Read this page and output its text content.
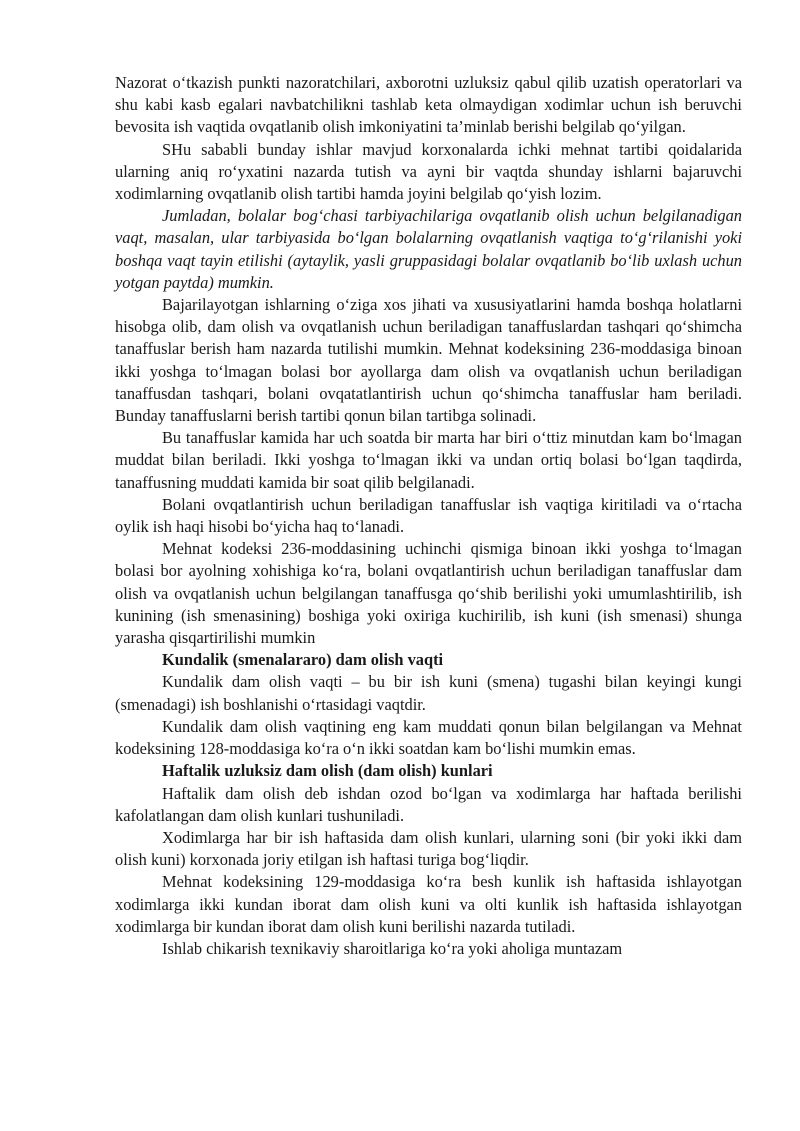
Nazorat o‘tkazish punkti nazoratchilari, axborotni uzluksiz qabul qilib uzatish operatorlari va shu kabi kasb egalari navbatchilikni tashlab keta olmaydigan xodimlar uchun ish beruvchi bevosita ish vaqtida ovqatlanib olish imkoniyatini ta’minlab berishi belgilab qo‘yilgan.

SHu sababli bunday ishlar mavjud korxonalarda ichki mehnat tartibi qoidalarida ularning aniq ro‘yxatini nazarda tutish va ayni bir vaqtda shunday ishlarni bajaruvchi xodimlarning ovqatlanib olish tartibi hamda joyini belgilab qo‘yish lozim.

Jumladan, bolalar bog‘chasi tarbiyachilariga ovqatlanib olish uchun belgilanadigan vaqt, masalan, ular tarbiyasida bo‘lgan bolalarning ovqatlanish vaqtiga to‘g‘rilanishi yoki boshqa vaqt tayin etilishi (aytaylik, yasli gruppasidagi bolalar ovqatlanib bo‘lib uxlash uchun yotgan paytda) mumkin.

Bajarilayotgan ishlarning o‘ziga xos jihati va xususiyatlarini hamda boshqa holatlarni hisobga olib, dam olish va ovqatlanish uchun beriladigan tanaffuslardan tashqari qo‘shimcha tanaffuslar berish ham nazarda tutilishi mumkin. Mehnat kodeksining 236-moddasiga binoan ikki yoshga to‘lmagan bolasi bor ayollarga dam olish va ovqatlanish uchun beriladigan tanaffusdan tashqari, bolani ovqatatlantirish uchun qo‘shimcha tanaffuslar ham beriladi. Bunday tanaffuslarni berish tartibi qonun bilan tartibga solinadi.

Bu tanaffuslar kamida har uch soatda bir marta har biri o‘ttiz minutdan kam bo‘lmagan muddat bilan beriladi. Ikki yoshga to‘lmagan ikki va undan ortiq bolasi bo‘lgan taqdirda, tanaffusning muddati kamida bir soat qilib belgilanadi.

Bolani ovqatlantirish uchun beriladigan tanaffuslar ish vaqtiga kiritiladi va o‘rtacha oylik ish haqi hisobi bo‘yicha haq to‘lanadi.

Mehnat kodeksi 236-moddasining uchinchi qismiga binoan ikki yoshga to‘lmagan bolasi bor ayolning xohishiga ko‘ra, bolani ovqatlantirish uchun beriladigan tanaffuslar dam olish va ovqatlanish uchun belgilangan tanaffusga qo‘shib berilishi yoki umumlashtirilib, ish kunining (ish smenasining) boshiga yoki oxiriga kuchirilib, ish kuni (ish smenasi) shunga yarasha qisqartirilishi mumkin

Kundalik (smenalararo) dam olish vaqti

Kundalik dam olish vaqti – bu bir ish kuni (smena) tugashi bilan keyingi kungi (smenadagi) ish boshlanishi o‘rtasidagi vaqtdir.

Kundalik dam olish vaqtining eng kam muddati qonun bilan belgilangan va Mehnat kodeksining 128-moddasiga ko‘ra o‘n ikki soatdan kam bo‘lishi mumkin emas.

Haftalik uzluksiz dam olish (dam olish) kunlari

Haftalik dam olish deb ishdan ozod bo‘lgan va xodimlarga har haftada berilishi kafolatlangan dam olish kunlari tushuniladi.

Xodimlarga har bir ish haftasida dam olish kunlari, ularning soni (bir yoki ikki dam olish kuni) korxonada joriy etilgan ish haftasi turiga bog‘liqdir.

Mehnat kodeksining 129-moddasiga ko‘ra besh kunlik ish haftasida ishlayotgan xodimlarga ikki kundan iborat dam olish kuni va olti kunlik ish haftasida ishlayotgan xodimlarga bir kundan iborat dam olish kuni berilishi nazarda tutiladi.

Ishlab chikarish texnikaviy sharoitlariga ko‘ra yoki aholiga muntazam
